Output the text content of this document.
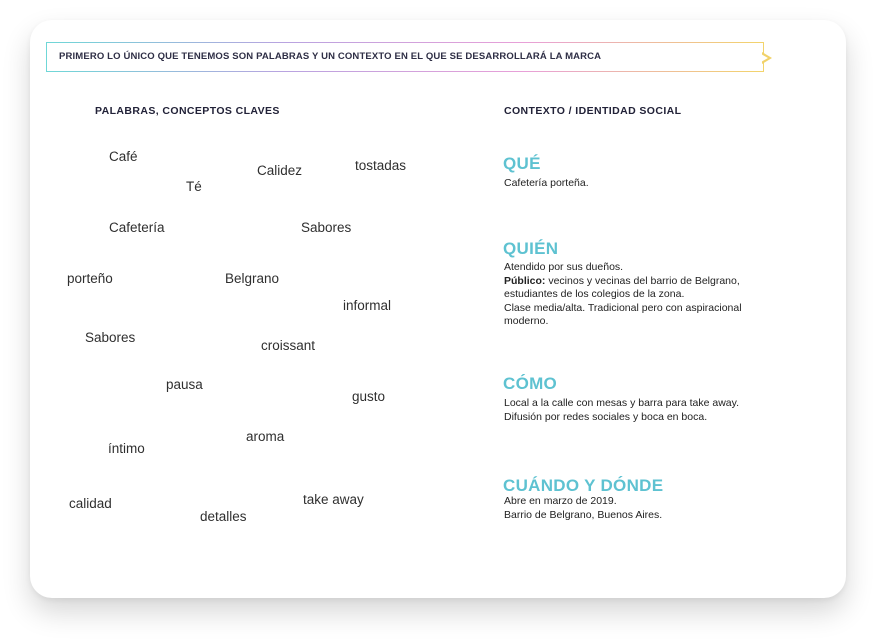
PRIMERO LO ÚNICO QUE TENEMOS SON PALABRAS Y UN CONTEXTO EN EL QUE SE DESARROLLARÁ LA MARCA
PALABRAS, CONCEPTOS CLAVES	CONTEXTO / IDENTIDAD SOCIAL
Café
Té
Calidez	tostadas
Cafetería	Sabores
porteño	Belgrano
informal
Sabores
croissant
pausa
gusto
íntimo
aroma
calidad
detalles
take away
QUÉ
Cafetería porteña.
QUIÉN
Atendido por sus dueños.
Público: vecinos y vecinas del barrio de Belgrano,
estudiantes de los colegios de la zona.
Clase media/alta. Tradicional pero con aspiracional
moderno.
CÓMO
Local a la calle con mesas y barra para take away.
Difusión por redes sociales y boca en boca.
CUÁNDO Y DÓNDE
Abre en marzo de 2019.
Barrio de Belgrano, Buenos Aires.
